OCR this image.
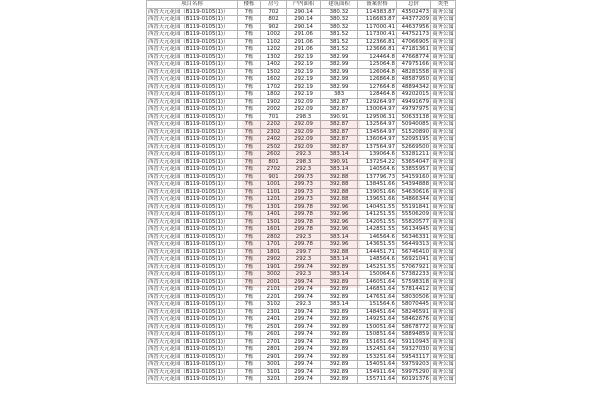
项目名称	楼栋	房号	户内面积	建筑面积	备案价格	总价	类型
西晋天元花园（B119-0105(1)）	7栋	702	290.14	380.32	114383.87	43502473	商务公寓
西晋天元花园（B119-0105(1)）	7栋	802	290.14	380.32	116683.87	44377209	商务公寓
西晋天元花园（B119-0105(1)）	7栋	902	290.14	380.32	117000.41	44637956	商务公寓
西晋天元花园（B119-0105(1)）	7栋	1002	291.06	381.52	117300.41	44752173	商务公寓
西晋天元花园（B119-0105(1)）	7栋	1102	291.06	381.52	122366.81	47066905	商务公寓
西晋天元花园（B119-0105(1)）	7栋	1202	291.06	381.52	123666.81	47181361	商务公寓
西晋天元花园（B119-0105(1)）	7栋	1302	292.19	382.99	124464.8	47668774	商务公寓
西晋天元花园（B119-0105(1)）	7栋	1402	292.19	382.99	125064.8	47975166	商务公寓
西晋天元花园（B119-0105(1)）	7栋	1502	292.19	382.99	126064.8	48281558	商务公寓
西晋天元花园（B119-0105(1)）	7栋	1602	292.19	382.99	126864.8	48587950	商务公寓
西晋天元花园（B119-0105(1)）	7栋	1702	292.19	382.99	127664.8	48894342	商务公寓
西晋天元花园（B119-0105(1)）	7栋	1802	292.19	383	128464.8	49202015	商务公寓
西晋天元花园（B119-0105(1)）	7栋	1902	292.09	382.87	129264.97	49491679	商务公寓
西晋天元花园（B119-0105(1)）	7栋	2002	292.09	382.87	130064.97	49797975	商务公寓
西晋天元花园（B119-0105(1)）	7栋	701	298.3	390.91	129506.31	50633138	商务公寓
西晋天元花园（B119-0105(1)）	7栋	2202	292.09	382.87	132564.97	50940085	商务公寓
西晋天元花园（B119-0105(1)）	7栋	2302	292.09	382.87	134564.97	51520890	商务公寓
西晋天元花园（B119-0105(1)）	7栋	2402	292.09	382.87	136064.97	52095195	商务公寓
西晋天元花园（B119-0105(1)）	7栋	2502	292.09	382.87	137564.97	52669500	商务公寓
西晋天元花园（B119-0105(1)）	7栋	2602	292.3	383.14	139064.6	53281211	商务公寓
西晋天元花园（B119-0105(1)）	7栋	801	298.3	390.91	137254.22	53654047	商务公寓
西晋天元花园（B119-0105(1)）	7栋	2702	292.3	383.14	140564.6	53855957	商务公寓
西晋天元花园（B119-0105(1)）	7栋	901	299.73	392.88	137796.73	54159160	商务公寓
西晋天元花园（B119-0105(1)）	7栋	1001	299.73	392.88	138451.66	54394888	商务公寓
西晋天元花园（B119-0105(1)）	7栋	1101	299.73	392.88	139051.66	54630616	商务公寓
西晋天元花园（B119-0105(1)）	7栋	1201	299.73	392.88	139651.66	54866344	商务公寓
西晋天元花园（B119-0105(1)）	7栋	1301	299.78	392.96	140451.55	55191841	商务公寓
西晋天元花园（B119-0105(1)）	7栋	1401	299.78	392.96	141251.55	55506209	商务公寓
西晋天元花园（B119-0105(1)）	7栋	1501	299.78	392.96	142051.55	55820577	商务公寓
西晋天元花园（B119-0105(1)）	7栋	1601	299.78	392.96	142851.55	56134945	商务公寓
西晋天元花园（B119-0105(1)）	7栋	2802	292.3	383.14	146564.6	56346331	商务公寓
西晋天元花园（B119-0105(1)）	7栋	1701	299.78	392.96	143651.55	56449313	商务公寓
西晋天元花园（B119-0105(1)）	7栋	1801	299.7	392.88	144451.71	56746410	商务公寓
西晋天元花园（B119-0105(1)）	7栋	2902	292.3	383.14	148564.6	56921041	商务公寓
西晋天元花园（B119-0105(1)）	7栋	1901	299.74	392.89	145251.55	57067921	商务公寓
西晋天元花园（B119-0105(1)）	7栋	3002	292.3	383.14	150064.6	57382233	商务公寓
西晋天元花园（B119-0105(1)）	7栋	2001	299.74	392.89	146051.64	57598318	商务公寓
西晋天元花园（B119-0105(1)）	7栋	2101	299.74	392.89	146851.64	57814412	商务公寓
西晋天元花园（B119-0105(1)）	7栋	2201	299.74	392.89	147651.64	58030506	商务公寓
西晋天元花园（B119-0105(1)）	7栋	3102	292.3	383.14	151564.6	58070445	商务公寓
西晋天元花园（B119-0105(1)）	7栋	2301	299.74	392.89	148451.64	58246591	商务公寓
西晋天元花园（B119-0105(1)）	7栋	2401	299.74	392.89	149251.64	58462676	商务公寓
西晋天元花园（B119-0105(1)）	7栋	2501	299.74	392.89	150051.64	58678772	商务公寓
西晋天元花园（B119-0105(1)）	7栋	2601	299.74	392.89	150851.64	58894859	商务公寓
西晋天元花园（B119-0105(1)）	7栋	2701	299.74	392.89	151651.64	59110943	商务公寓
西晋天元花园（B119-0105(1)）	7栋	2801	299.74	392.89	152451.64	59327030	商务公寓
西晋天元花园（B119-0105(1)）	7栋	2901	299.74	392.89	153251.64	59543117	商务公寓
西晋天元花园（B119-0105(1)）	7栋	3001	299.74	392.89	154051.64	59759203	商务公寓
西晋天元花园（B119-0105(1)）	7栋	3101	299.74	392.89	154911.64	59975290	商务公寓
西晋天元花园（B119-0105(1)）	7栋	3201	299.74	392.89	155711.64	60191376	商务公寓
